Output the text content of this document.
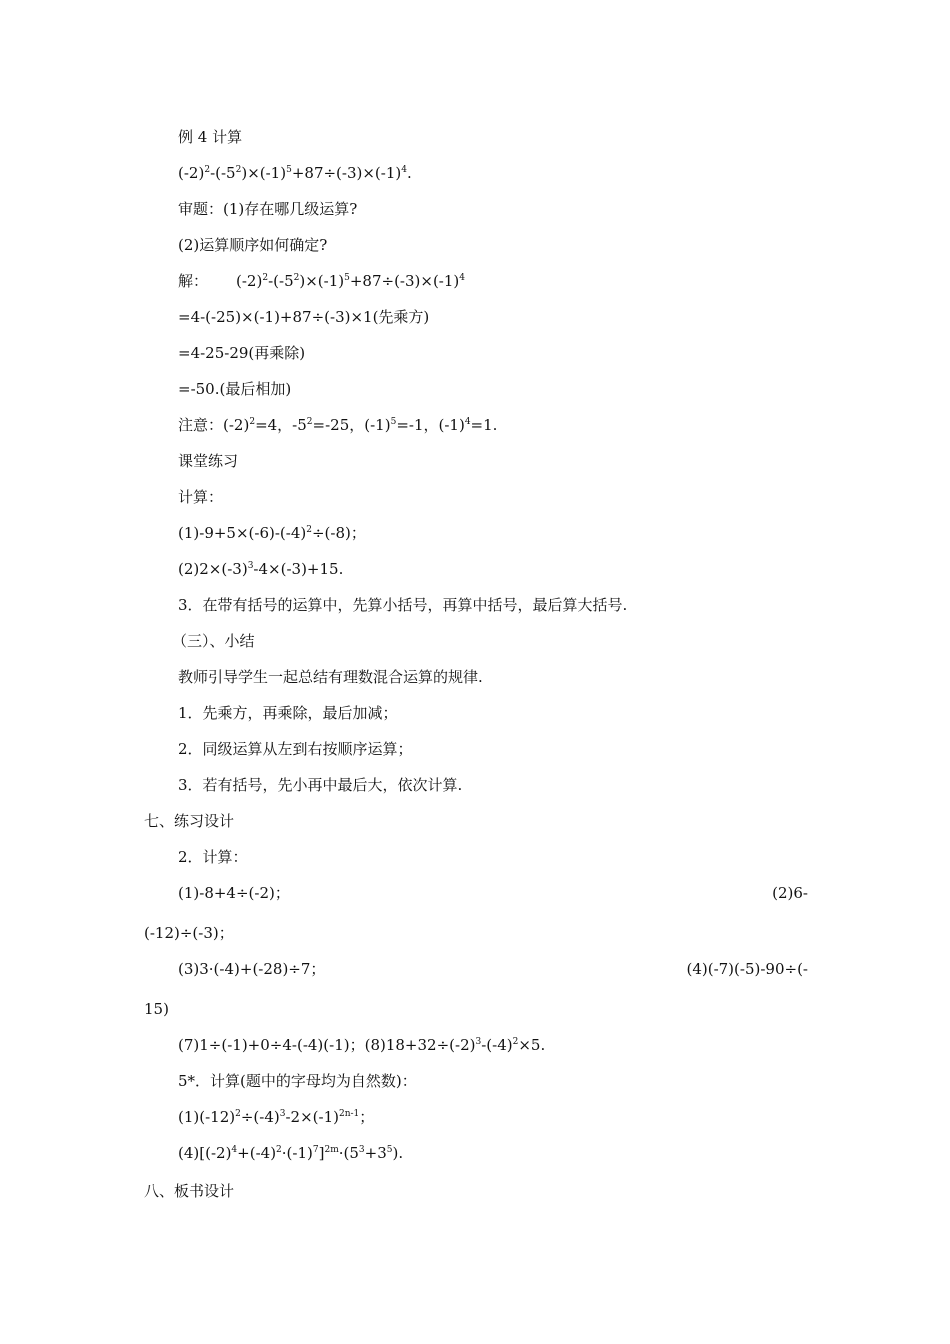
例 4 计算
$(-2)^2-(-5^2)\times(-1)^5+87\div(-3)\times(-1)^4$.
审题：(1)存在哪几级运算?
(2)运算顺序如何确定?
解： $(-2)^2-(-5^2)\times(-1)^5+87\div(-3)\times(-1)^4$
=4-(-25)×(-1)+87÷(-3)×1(先乘方)
=4-25-29(再乘除)
=-50.(最后相加)
注意：$(-2)^2=4$，$-5^2=-25$，$(-1)^5=-1$，$(-1)^4=1$.
课堂练习
计算：
$(1)-9+5\times(-6)-(-4)^2\div(-8)$；
$(2)2\times(-3)^3-4\times(-3)+15$.
3．在带有括号的运算中，先算小括号，再算中括号，最后算大括号.
（三）、小结
教师引导学生一起总结有理数混合运算的规律.
1．先乘方，再乘除，最后加减；
2．同级运算从左到右按顺序运算；
3．若有括号，先小再中最后大，依次计算.
七、练习设计
2．计算：
(1)-8+4÷(-2)；	(2)6-
(-12)÷(-3)；
(3)3·(-4)+(-28)÷7；	(4)(-7)(-5)-90÷(-
15)
(7)1÷(-1)+0÷4-(-4)(-1)；$(8)18+32\div(-2)^3-(-4)^2\times 5$.
5*．计算(题中的字母均为自然数)：
$(1)(-12)^2\div(-4)^3-2\times(-1)^{2n-1}$；
$(4)[(-2)^4+(-4)^2\cdot(-1)^7]^{2m}\cdot(5^3+3^5)$.
八、板书设计
